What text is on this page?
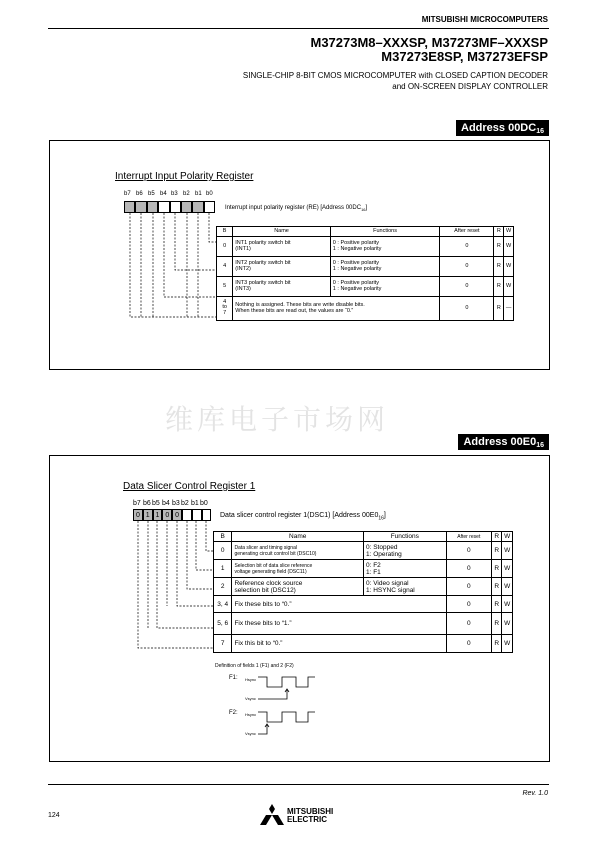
MITSUBISHI MICROCOMPUTERS
M37273M8–XXXSP, M37273MF–XXXSP
M37273E8SP, M37273EFSP
SINGLE-CHIP 8-BIT CMOS MICROCOMPUTER with CLOSED CAPTION DECODER
and ON-SCREEN DISPLAY CONTROLLER
Address $00DC_{16}$
Interrupt Input Polarity Register
b7 b6 b5 b4 b3 b2 b1 b0
Interrupt input polarity register (RE) [Address $00DC_{16}$]
B	Name	Functions	After reset	R	W
0	INT1 polarity switch bit
(INT1)	0 : Positive polarity
1 : Negative polarity	0	R	W
4	INT2 polarity switch bit
(INT2)	0 : Positive polarity
1 : Negative polarity	0	R	W
5	INT3 polarity switch bit
(INT3)	0 : Positive polarity
1 : Negative polarity	0	R	W
4
to
7	Nothing is assigned. These bits are write disable bits.
When these bits are read out, the values are “0.”		0	R	—
维库电子市场网
Address $00E0_{16}$
Data Slicer Control Register 1
b7 b6 b5 b4 b3 b2 b1 b0
0 1 1 0 0	Data slicer control register 1(DSC1) [Address $00E0_{16}$]
B	Name	Functions	After reset	R	W
0	Data slicer and timing signal
generating circuit control bit (DSC10)	0: Stopped
1: Operating	0	R	W
1	Selection bit of data slice reference
voltage generating field (DSC11)	0: F2
1: F1	0	R	W
2	Reference clock source
selection bit (DSC12)	0: Video signal
1: HSYNC signal	0	R	W
3, 4	Fix these bits to “0.”		0	R	W
5, 6	Fix these bits to “1.”		0	R	W
7	Fix this bit to “0.”		0	R	W
Definition of fields 1 (F1) and 2 (F2)
F1: Hsync
Vsync
F2: Hsync
Vsync
Rev. 1.0
124	MITSUBISHI
ELECTRIC
